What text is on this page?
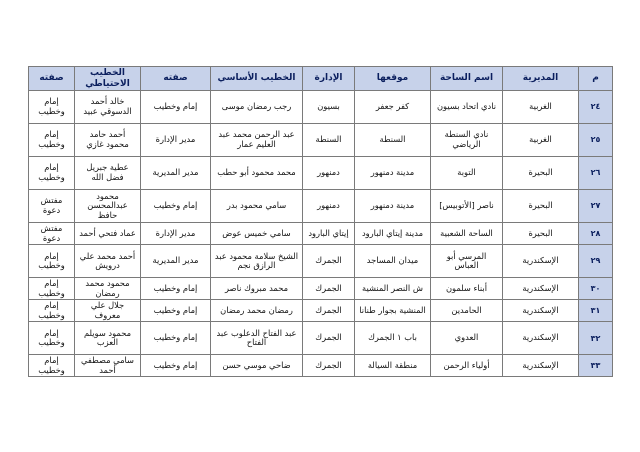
م	المديرية	اسم الساحة	موقعها	الإدارة	الخطيب الأساسي	صفته	الخطيب الاحتياطي	صفته
٢٤	الغربية	نادي اتحاد بسيون	كفر جعفر	بسيون	رجب رمضان موسى	إمام وخطيب	خالد أحمد الدسوقي عبيد	إمام وخطيب
٢٥	الغربية	نادي السنطة الرياضي	السنطة	السنطة	عبد الرحمن محمد عبد العليم عمار	مدير الإدارة	أحمد حامد محمود غازي	إمام وخطيب
٢٦	البحيرة	التوبة	مدينة دمنهور	دمنهور	محمد محمود أبو حطب	مدير المديرية	عطية جبريل فضل الله	إمام وخطيب
٢٧	البحيرة	ناصر [الأتوبيس]	مدينة دمنهور	دمنهور	سامي محمود بدر	إمام وخطيب	محمود عبدالمحسن حافظ	مفتش دعوة
٢٨	البحيرة	الساحة الشعبية	مدينة إيتاي البارود	إيتاي البارود	سامي خميس عوض	مدير الإدارة	عماد فتحي أحمد	مفتش دعوة
٢٩	الإسكندرية	المرسي أبو العباس	ميدان المساجد	الجمرك	الشيخ سلامة محمود عبد الرازق نجم	مدير المديرية	أحمد محمد علي درويش	إمام وخطيب
٣٠	الإسكندرية	أبناء سلمون	ش النصر المنشية	الجمرك	محمد مبروك ناصر	إمام وخطيب	محمود محمد رمضان	إمام وخطيب
٣١	الإسكندرية	الحامدين	المنشية بجوار طنانا	الجمرك	رمضان محمد رمضان	إمام وخطيب	جلال علي معروف	إمام وخطيب
٣٢	الإسكندرية	العدوي	باب ١ الجمرك	الجمرك	عبد الفتاح الدعلوب عبد الفتاح	إمام وخطيب	محمود سويلم العزب	إمام وخطيب
٣٣	الإسكندرية	أولياء الرحمن	منطقة السيالة	الجمرك	ضاحي موسي حسن	إمام وخطيب	سامي مصطفي أحمد	إمام وخطيب
